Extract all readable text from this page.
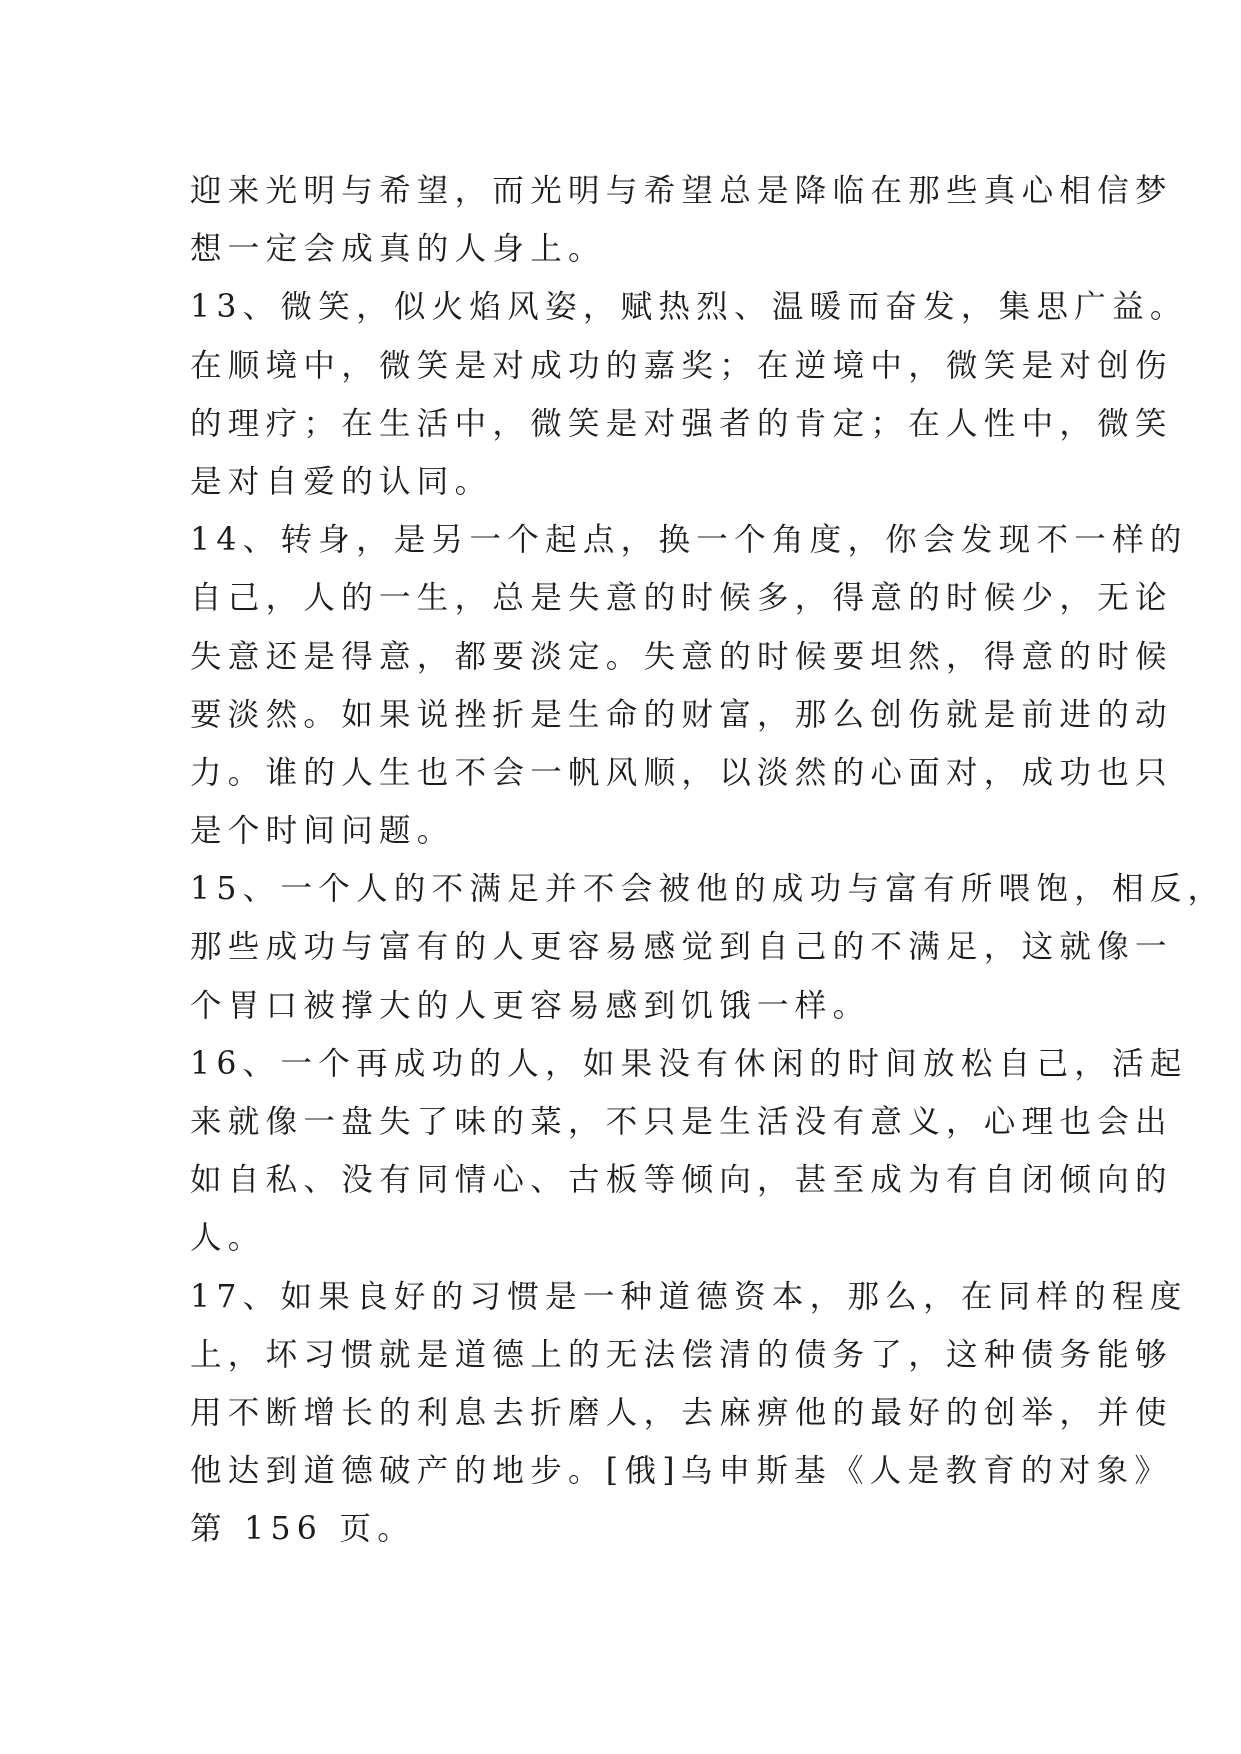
迎来光明与希望，而光明与希望总是降临在那些真心相信梦
想一定会成真的人身上。
13、微笑，似火焰风姿，赋热烈、温暖而奋发，集思广益。
在顺境中，微笑是对成功的嘉奖；在逆境中，微笑是对创伤
的理疗；在生活中，微笑是对强者的肯定；在人性中，微笑
是对自爱的认同。
14、转身，是另一个起点，换一个角度，你会发现不一样的
自己，人的一生，总是失意的时候多，得意的时候少，无论
失意还是得意，都要淡定。失意的时候要坦然，得意的时候
要淡然。如果说挫折是生命的财富，那么创伤就是前进的动
力。谁的人生也不会一帆风顺，以淡然的心面对，成功也只
是个时间问题。
15、一个人的不满足并不会被他的成功与富有所喂饱，相反，
那些成功与富有的人更容易感觉到自己的不满足，这就像一
个胃口被撑大的人更容易感到饥饿一样。
16、一个再成功的人，如果没有休闲的时间放松自己，活起
来就像一盘失了味的菜，不只是生活没有意义，心理也会出
如自私、没有同情心、古板等倾向，甚至成为有自闭倾向的
人。
17、如果良好的习惯是一种道德资本，那么，在同样的程度
上，坏习惯就是道德上的无法偿清的债务了，这种债务能够
用不断增长的利息去折磨人，去麻痹他的最好的创举，并使
他达到道德破产的地步。[俄]乌申斯基《人是教育的对象》
第 156 页。
